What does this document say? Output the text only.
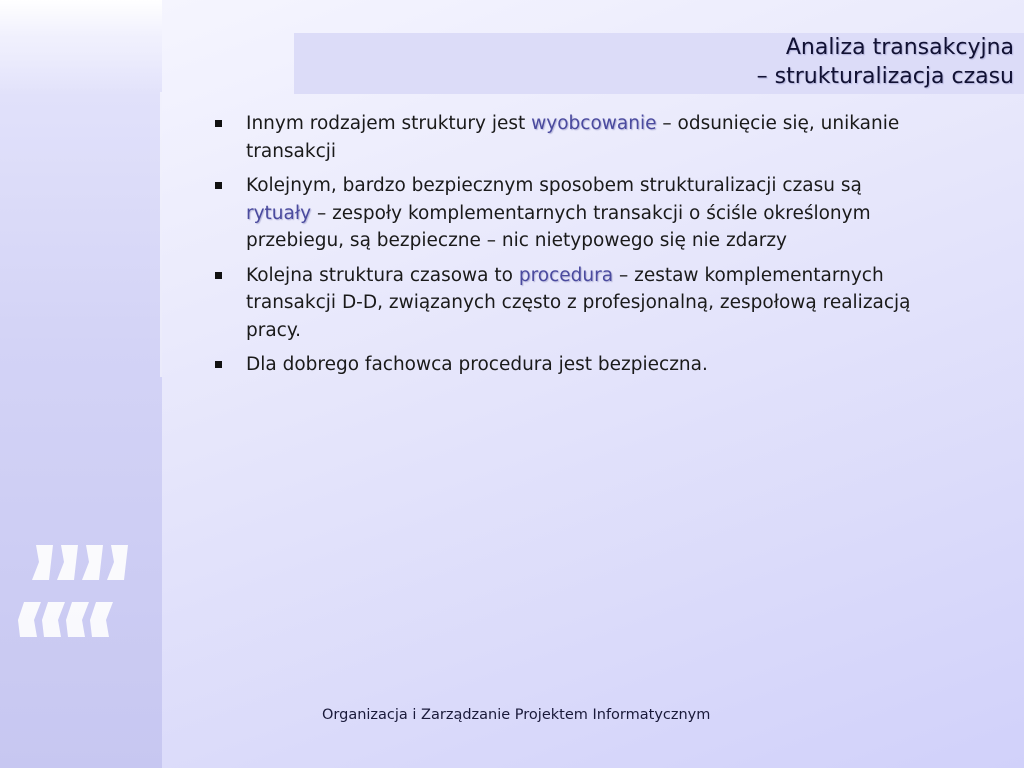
Analiza transakcyjna
– strukturalizacja czasu
Innym rodzajem struktury jest wyobcowanie – odsunięcie się, unikanie transakcji
Kolejnym, bardzo bezpiecznym sposobem strukturalizacji czasu są rytuały – zespoły komplementarnych transakcji o ściśle określonym przebiegu, są bezpieczne – nic nietypowego się nie zdarzy
Kolejna struktura czasowa to procedura – zestaw komplementarnych transakcji D-D, związanych często z profesjonalną, zespołową realizacją pracy.
Dla dobrego fachowca procedura jest bezpieczna.
Organizacja i Zarządzanie Projektem Informatycznym
